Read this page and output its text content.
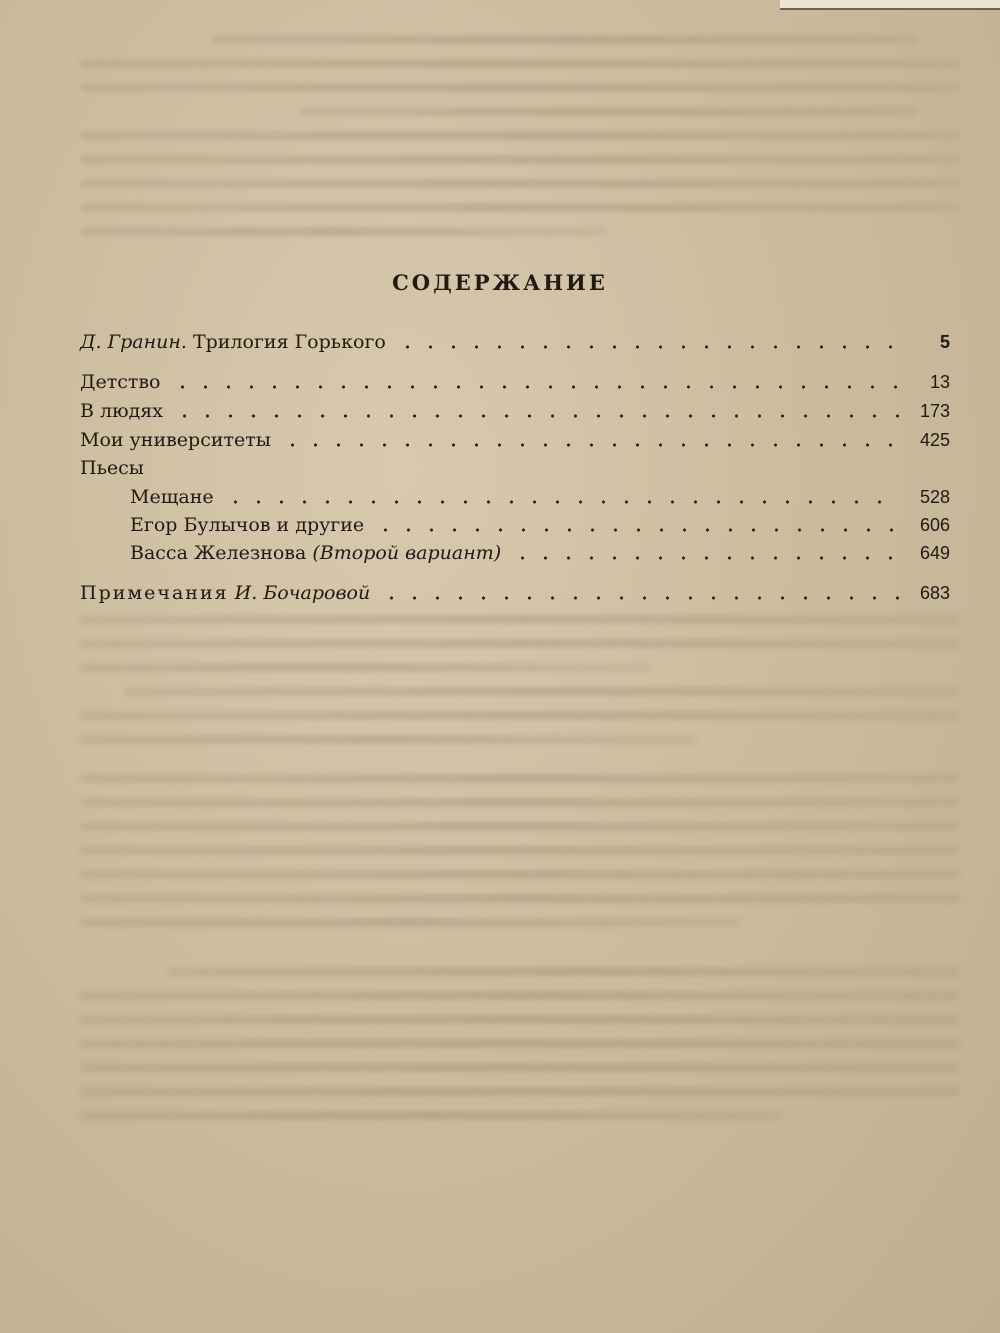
СОДЕРЖАНИЕ
Д. Гранин. Трилогия Горького	5
Детство	13
В людях	173
Мои университеты	425
Пьесы
Мещане	528
Егор Булычов и другие	606
Васса Железнова (Второй вариант)	649
Примечания И. Бочаровой	683
